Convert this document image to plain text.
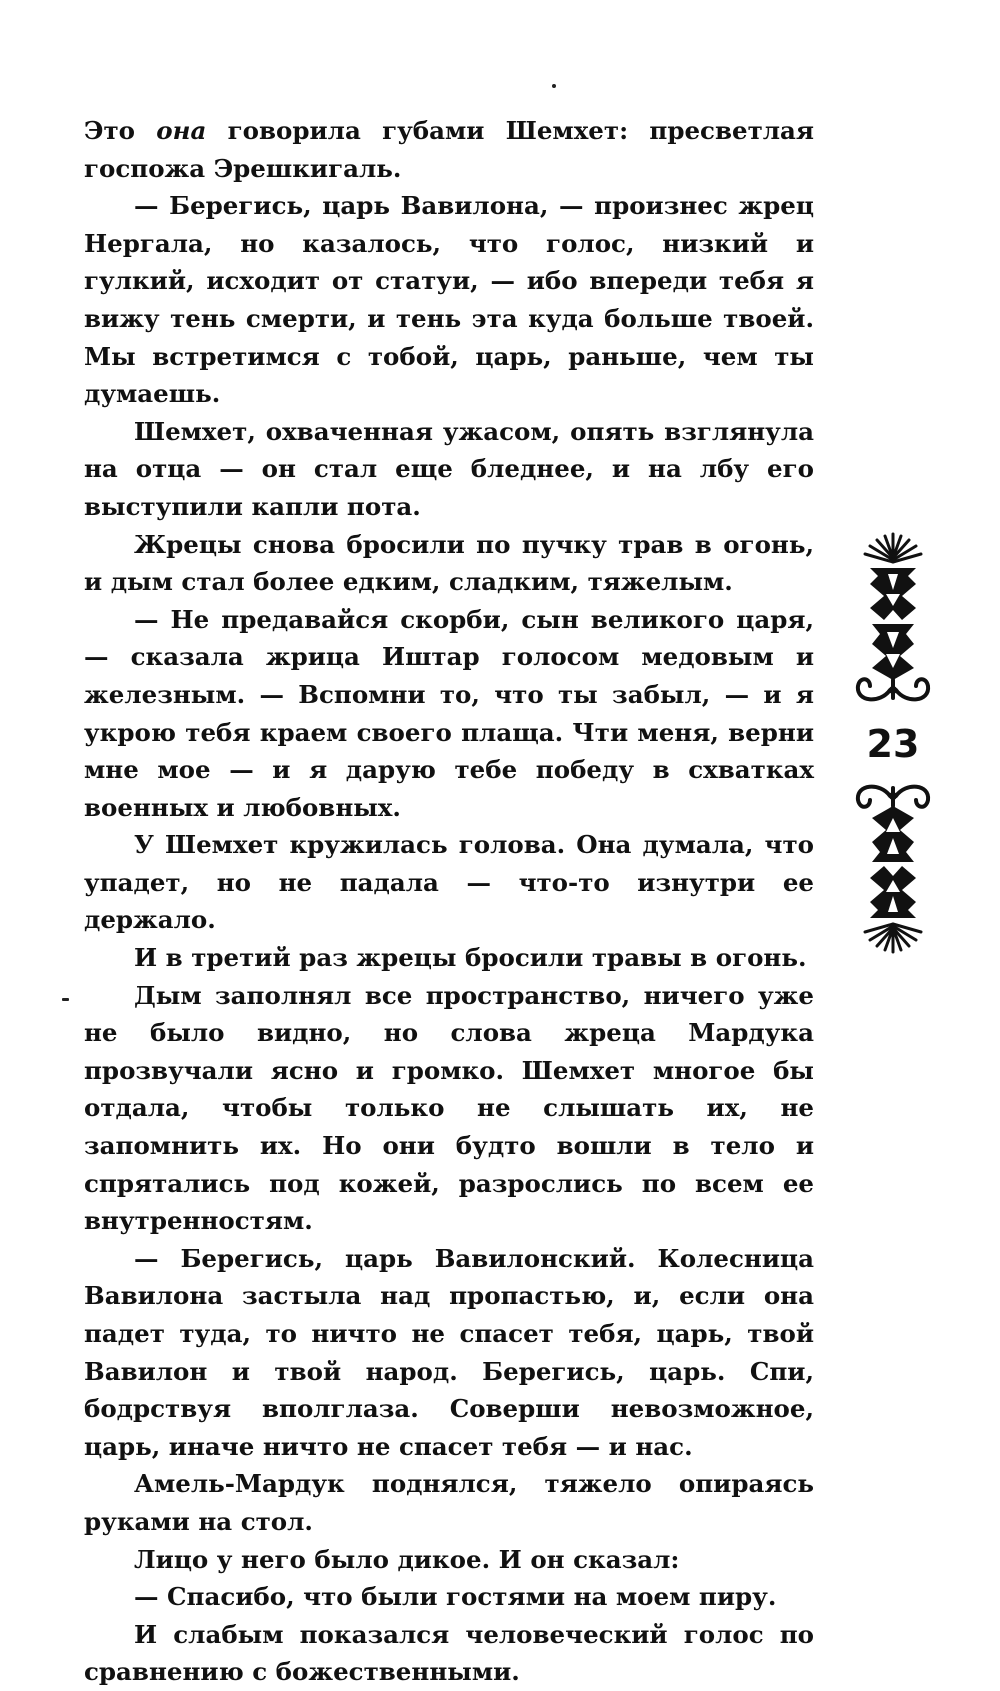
Это она говорила губами Шемхет: пресветлая госпожа Эрешкигаль.

— Берегись, царь Вавилона, — произнес жрец Нергала, но казалось, что голос, низкий и гулкий, исходит от статуи, — ибо впереди тебя я вижу тень смерти, и тень эта куда больше твоей. Мы встретимся с тобой, царь, раньше, чем ты думаешь.

Шемхет, охваченная ужасом, опять взглянула на отца — он стал еще бледнее, и на лбу его выступили капли пота.

Жрецы снова бросили по пучку трав в огонь, и дым стал более едким, сладким, тяжелым.

— Не предавайся скорби, сын великого царя, — сказала жрица Иштар голосом медовым и железным. — Вспомни то, что ты забыл, — и я укрою тебя краем своего плаща. Чти меня, верни мне мое — и я дарую тебе победу в схватках военных и любовных.

У Шемхет кружилась голова. Она думала, что упадет, но не падала — что-то изнутри ее держало.

И в третий раз жрецы бросили травы в огонь.

Дым заполнял все пространство, ничего уже не было видно, но слова жреца Мардука прозвучали ясно и громко. Шемхет многое бы отдала, чтобы только не слышать их, не запомнить их. Но они будто вошли в тело и спрятались под кожей, разрослись по всем ее внутренностям.

— Берегись, царь Вавилонский. Колесница Вавилона застыла над пропастью, и, если она падет туда, то ничто не спасет тебя, царь, твой Вавилон и твой народ. Берегись, царь. Спи, бодрствуя вполглаза. Соверши невозможное, царь, иначе ничто не спасет тебя — и нас.

Амель-Мардук поднялся, тяжело опираясь руками на стол.

Лицо у него было дикое. И он сказал:

— Спасибо, что были гостями на моем пиру.

И слабым показался человеческий голос по сравнению с божественными.

23
